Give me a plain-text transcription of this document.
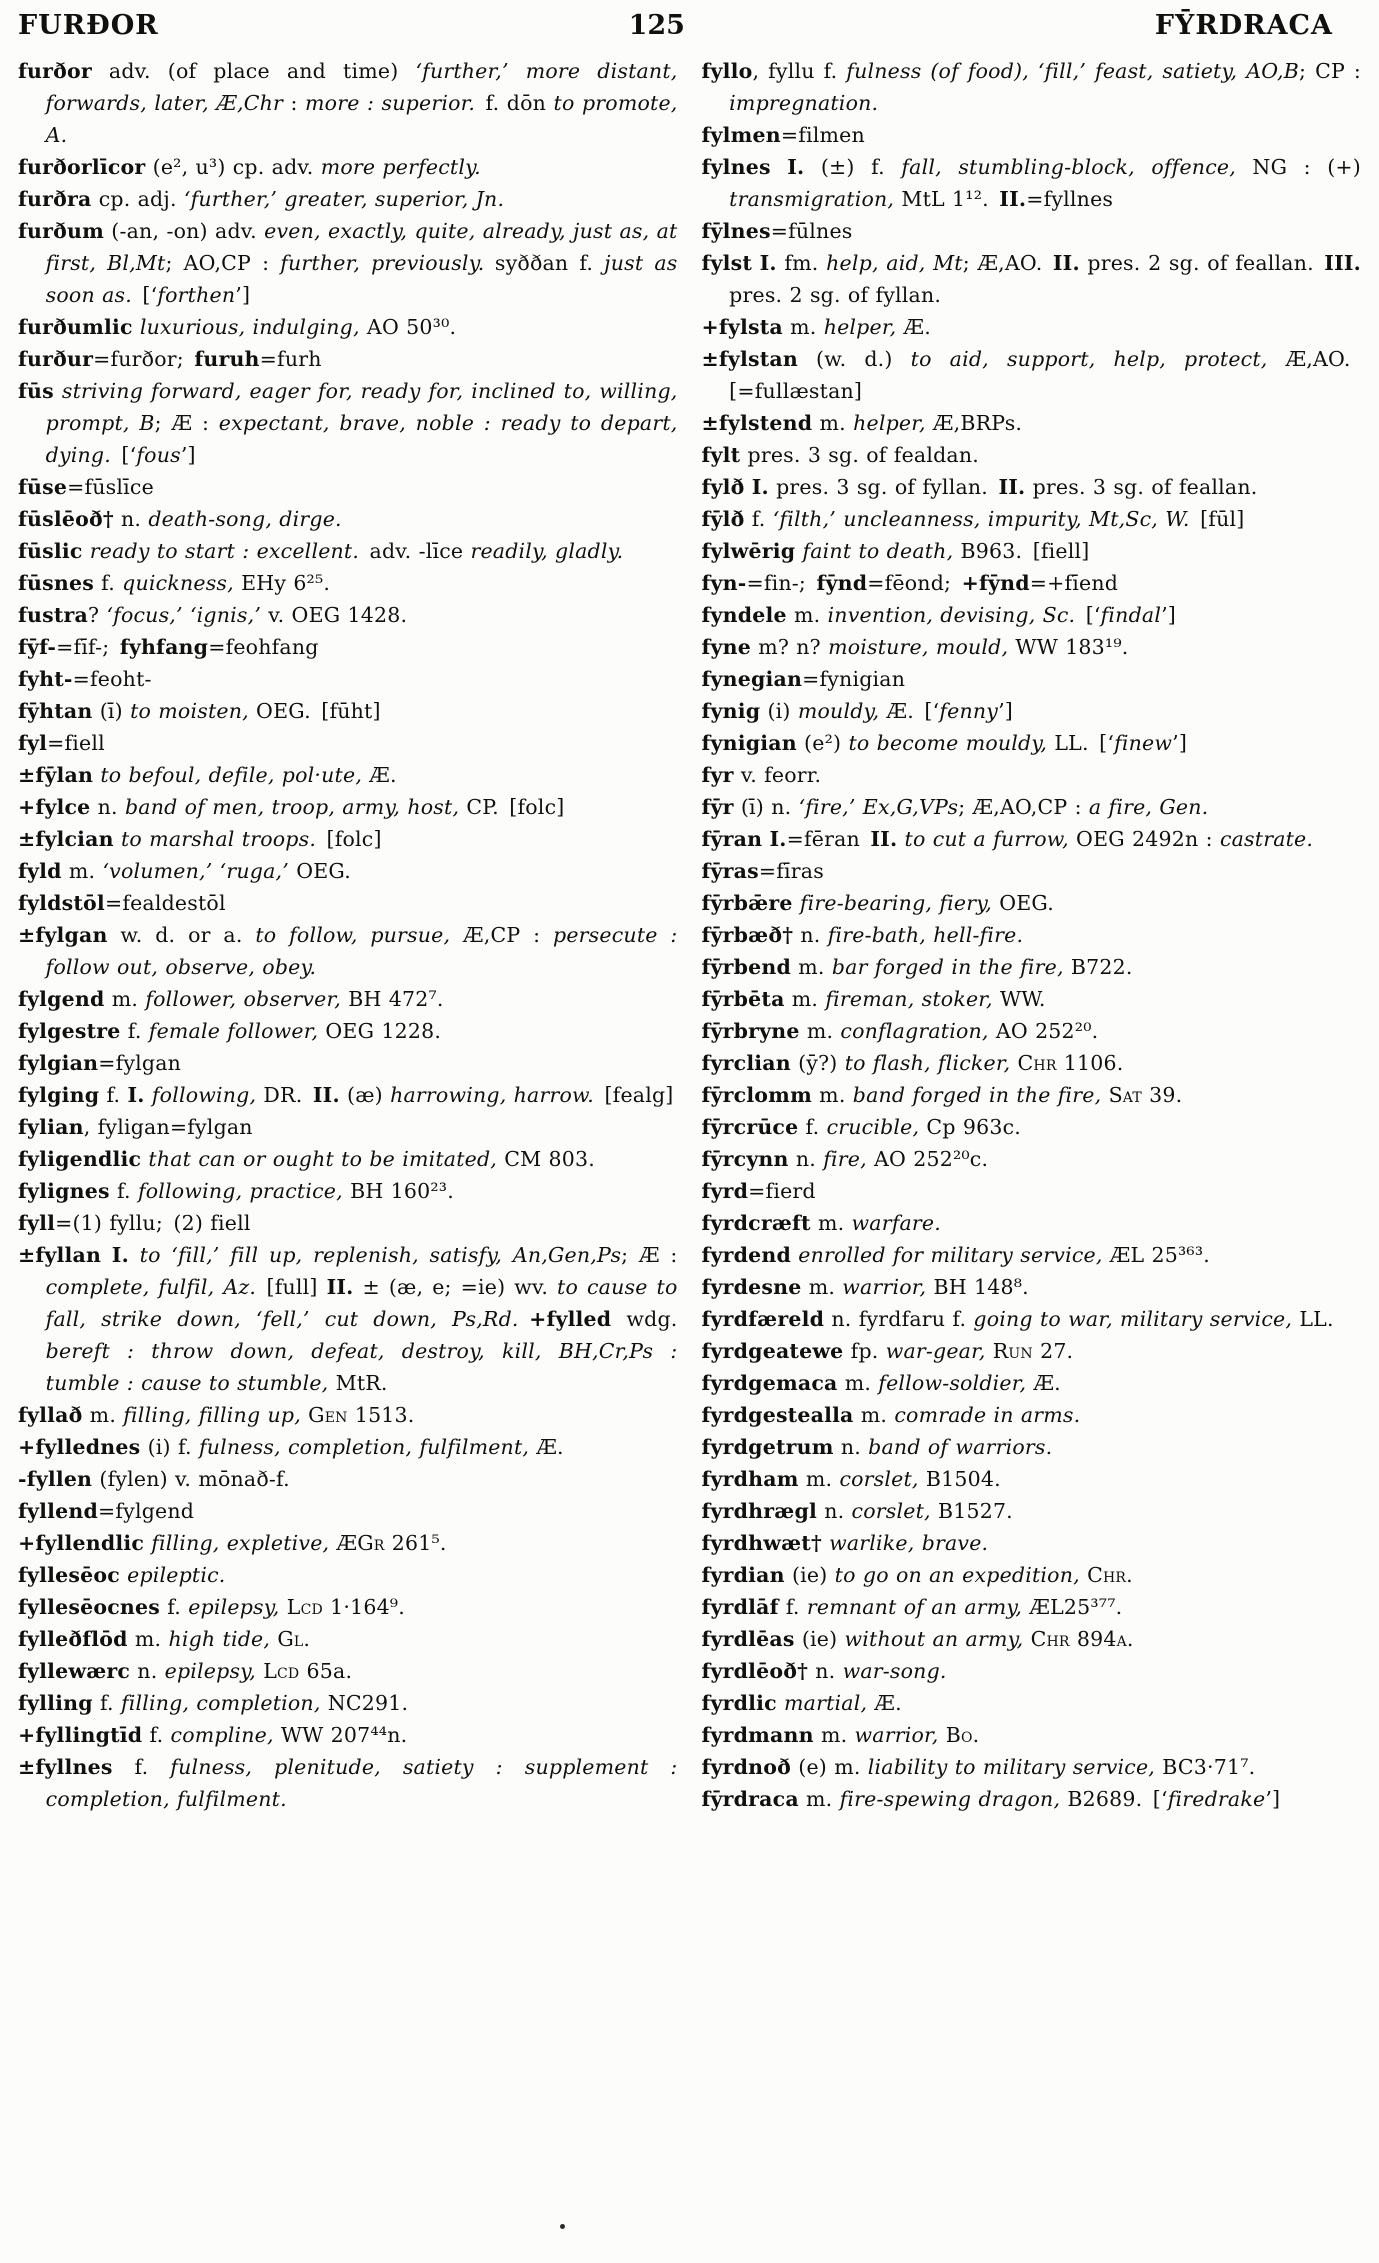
FURÐOR	125	FȲRDRACA

furðor adv. (of place and time) ‘further,’ more distant, forwards, later, Æ,Chr : more : superior. f. dōn to promote, A.

furðorlīcor (e², u³) cp. adv. more perfectly.

furðra cp. adj. ‘further,’ greater, superior, Jn.

furðum (-an, -on) adv. even, exactly, quite, already, just as, at first, Bl,Mt; AO,CP : further, previously. syððan f. just as soon as. [‘forthen’]

furðumlic luxurious, indulging, AO 50³⁰.

furður=furðor; furuh=furh

fūs striving forward, eager for, ready for, inclined to, willing, prompt, B; Æ : expectant, brave, noble : ready to depart, dying. [‘fous’]

fūse=fūslīce

fūslēoð† n. death-song, dirge.

fūslic ready to start : excellent. adv. -līce readily, gladly.

fūsnes f. quickness, EHy 6²⁵.

fustra? ‘focus,’ ‘ignis,’ v. OEG 1428.

fȳf-=fīf-; fyhfang=feohfang

fyht-=feoht-

fȳhtan (ī) to moisten, OEG. [fūht]

fyl=fiell

±fȳlan to befoul, defile, pol·ute, Æ.

+fylce n. band of men, troop, army, host, CP. [folc]

±fylcian to marshal troops. [folc]

fyld m. ‘volumen,’ ‘ruga,’ OEG.

fyldstōl=fealdestōl

±fylgan w. d. or a. to follow, pursue, Æ,CP : persecute : follow out, observe, obey.

fylgend m. follower, observer, BH 472⁷.

fylgestre f. female follower, OEG 1228.

fylgian=fylgan

fylging f. I. following, DR. II. (æ) harrowing, harrow. [fealg]

fylian, fyligan=fylgan

fyligendlic that can or ought to be imitated, CM 803.

fylignes f. following, practice, BH 160²³.

fyll=(1) fyllu; (2) fiell

±fyllan I. to ‘fill,’ fill up, replenish, satisfy, An,Gen,Ps; Æ : complete, fulfil, Az. [full] II. ± (æ, e; =ie) wv. to cause to fall, strike down, ‘fell,’ cut down, Ps,Rd.  +fylled wdg. bereft : throw down, defeat, destroy, kill, BH,Cr,Ps : tumble : cause to stumble, MtR.

fyllað m. filling, filling up, Gen 1513.

+fyllednes (i) f. fulness, completion, fulfilment, Æ.

-fyllen (fylen) v. mōnað-f.

fyllend=fylgend

+fyllendlic filling, expletive, ÆGr 261⁵.

fyllesēoc epileptic.

fyllesēocnes f. epilepsy, Lcd 1·164⁹.

fylleðflōd m. high tide, Gl.

fyllewærc n. epilepsy, Lcd 65a.

fylling f. filling, completion, NC291.

+fyllingtīd f. compline, WW 207⁴⁴n.

±fyllnes f. fulness, plenitude, satiety : supplement : completion, fulfilment.

fyllo, fyllu f. fulness (of food), ‘fill,’ feast, satiety, AO,B; CP : impregnation.

fylmen=filmen

fylnes I. (±) f. fall, stumbling-block, offence, NG : (+) transmigration, MtL 1¹². II.=fyllnes

fȳlnes=fūlnes

fylst I. fm. help, aid, Mt; Æ,AO. II. pres. 2 sg. of feallan. III. pres. 2 sg. of fyllan.

+fylsta m. helper, Æ.

±fylstan (w. d.) to aid, support, help, protect, Æ,AO. [=fullæstan]

±fylstend m. helper, Æ,BRPs.

fylt pres. 3 sg. of fealdan.

fylð I. pres. 3 sg. of fyllan. II. pres. 3 sg. of feallan.

fȳlð f. ‘filth,’ uncleanness, impurity, Mt,Sc, W. [fūl]

fylwērig faint to death, B963. [fiell]

fyn-=fin-; fȳnd=fēond; +fȳnd=+fīend

fyndele m. invention, devising, Sc. [‘findal’]

fyne m? n? moisture, mould, WW 183¹⁹.

fynegian=fynigian

fynig (i) mouldy, Æ. [‘fenny’]

fynigian (e²) to become mouldy, LL. [‘finew’]

fyr v. feorr.

fȳr (ī) n. ‘fire,’ Ex,G,VPs; Æ,AO,CP : a fire, Gen.

fȳran I.=fēran II. to cut a furrow, OEG 2492n : castrate.

fȳras=fīras

fȳrbǣre fire-bearing, fiery, OEG.

fȳrbæð† n. fire-bath, hell-fire.

fȳrbend m. bar forged in the fire, B722.

fȳrbēta m. fireman, stoker, WW.

fȳrbryne m. conflagration, AO 252²⁰.

fyrclian (ȳ?) to flash, flicker, Chr 1106.

fȳrclomm m. band forged in the fire, Sat 39.

fȳrcrūce f. crucible, Cp 963c.

fȳrcynn n. fire, AO 252²⁰c.

fyrd=fierd

fyrdcræft m. warfare.

fyrdend enrolled for military service, ÆL 25³⁶³.

fyrdesne m. warrior, BH 148⁸.

fyrdfæreld n. fyrdfaru f. going to war, military service, LL.

fyrdgeatewe fp. war-gear, Run 27.

fyrdgemaca m. fellow-soldier, Æ.

fyrdgestealla m. comrade in arms.

fyrdgetrum n. band of warriors.

fyrdham m. corslet, B1504.

fyrdhrægl n. corslet, B1527.

fyrdhwæt† warlike, brave.

fyrdian (ie) to go on an expedition, Chr.

fyrdlāf f. remnant of an army, ÆL25³⁷⁷.

fyrdlēas (ie) without an army, Chr 894a.

fyrdlēoð† n. war-song.

fyrdlic martial, Æ.

fyrdmann m. warrior, Bo.

fyrdnoð (e) m. liability to military service, BC3·71⁷.

fȳrdraca m. fire-spewing dragon, B2689. [‘firedrake’]
